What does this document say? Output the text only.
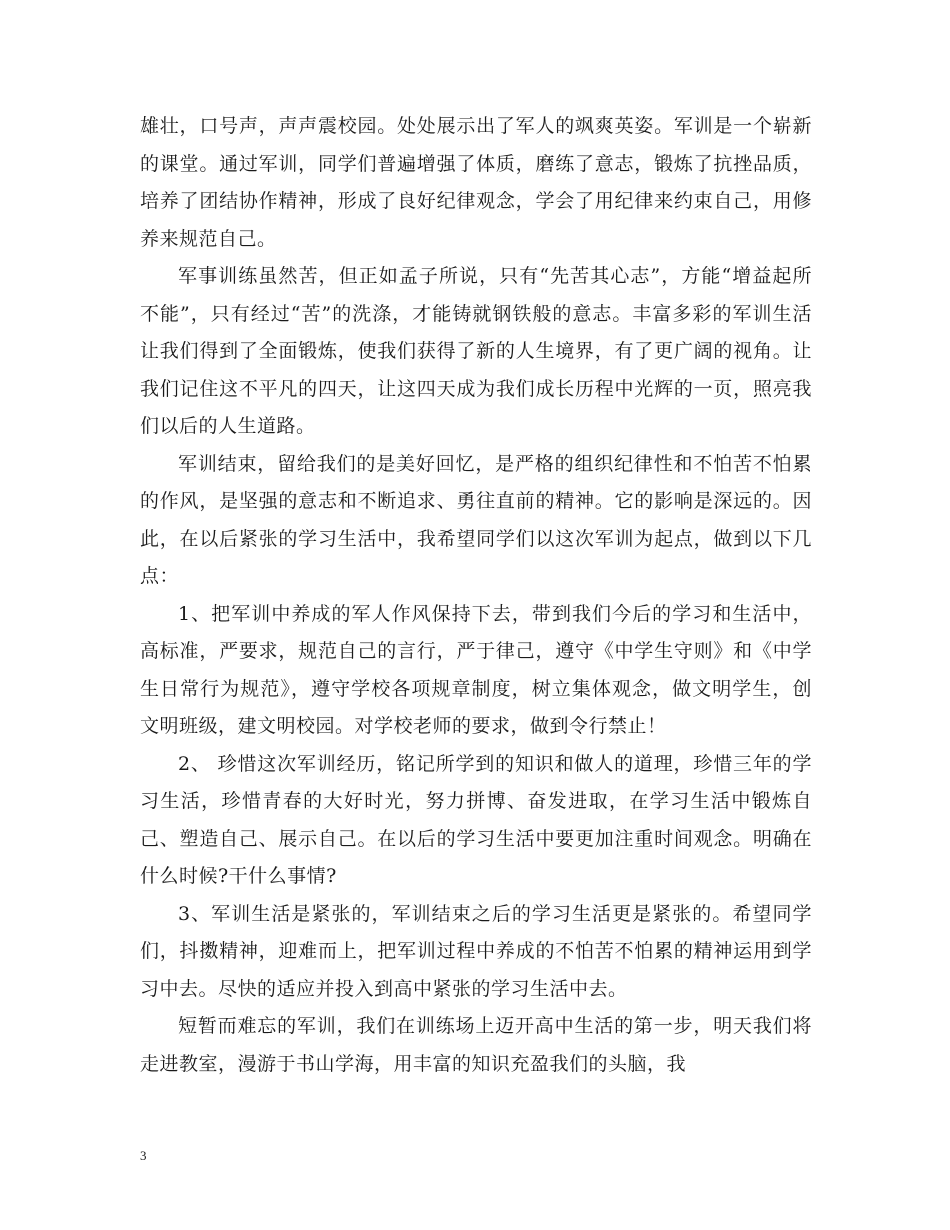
雄壮，口号声，声声震校园。处处展示出了军人的飒爽英姿。军训是一个崭新的课堂。通过军训，同学们普遍增强了体质，磨练了意志，锻炼了抗挫品质，培养了团结协作精神，形成了良好纪律观念，学会了用纪律来约束自己，用修养来规范自己。

军事训练虽然苦，但正如孟子所说，只有“先苦其心志”，方能“增益起所不能”，只有经过“苦”的洗涤，才能铸就钢铁般的意志。丰富多彩的军训生活让我们得到了全面锻炼，使我们获得了新的人生境界，有了更广阔的视角。让我们记住这不平凡的四天，让这四天成为我们成长历程中光辉的一页，照亮我们以后的人生道路。

军训结束，留给我们的是美好回忆，是严格的组织纪律性和不怕苦不怕累的作风，是坚强的意志和不断追求、勇往直前的精神。它的影响是深远的。因此，在以后紧张的学习生活中，我希望同学们以这次军训为起点，做到以下几点：

1、把军训中养成的军人作风保持下去，带到我们今后的学习和生活中，高标准，严要求，规范自己的言行，严于律己，遵守《中学生守则》和《中学生日常行为规范》，遵守学校各项规章制度，树立集体观念，做文明学生，创文明班级，建文明校园。对学校老师的要求，做到令行禁止！

2、 珍惜这次军训经历，铭记所学到的知识和做人的道理，珍惜三年的学习生活，珍惜青春的大好时光，努力拼博、奋发进取，在学习生活中锻炼自己、塑造自己、展示自己。在以后的学习生活中要更加注重时间观念。明确在什么时候?干什么事情?

3、军训生活是紧张的，军训结束之后的学习生活更是紧张的。希望同学们，抖擞精神，迎难而上，把军训过程中养成的不怕苦不怕累的精神运用到学习中去。尽快的适应并投入到高中紧张的学习生活中去。

短暂而难忘的军训，我们在训练场上迈开高中生活的第一步，明天我们将走进教室，漫游于书山学海，用丰富的知识充盈我们的头脑，我

3
